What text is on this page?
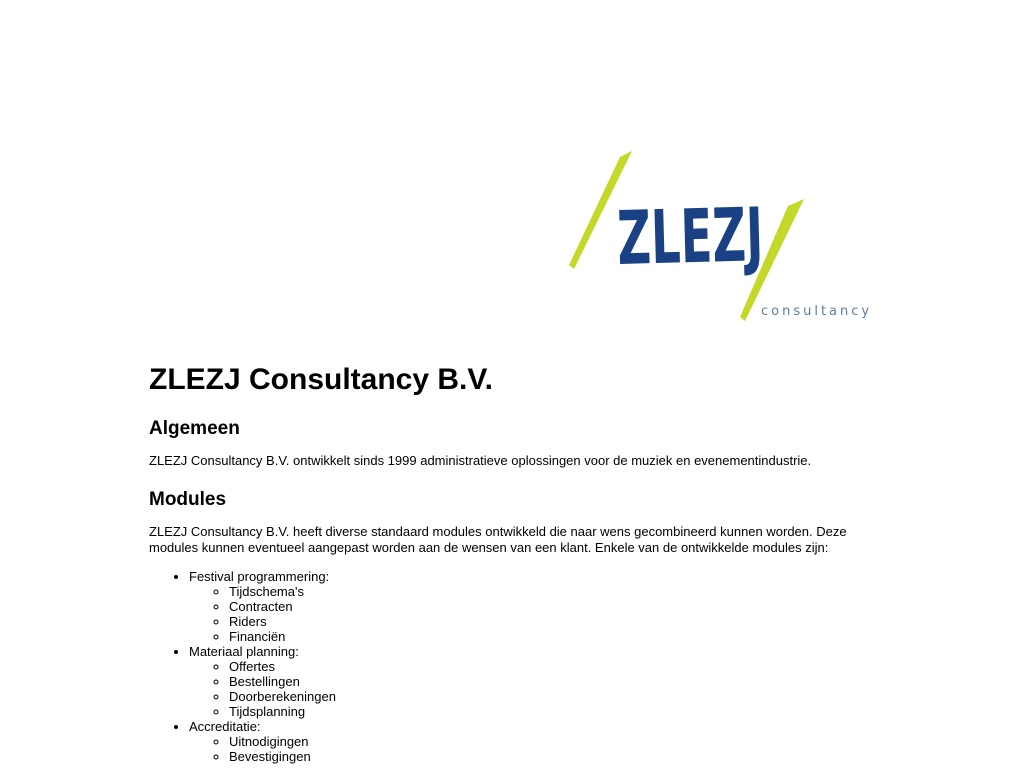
ZLEZJ
consultancy
ZLEZJ Consultancy B.V.
Algemeen

ZLEZJ Consultancy B.V. ontwikkelt sinds 1999 administratieve oplossingen voor de muziek en evenementindustrie.

Modules

ZLEZJ Consultancy B.V. heeft diverse standaard modules ontwikkeld die naar wens gecombineerd kunnen worden. Deze modules kunnen eventueel aangepast worden aan de wensen van een klant. Enkele van de ontwikkelde modules zijn:

• Festival programmering:
◦ Tijdschema's
◦ Contracten
◦ Riders
◦ Financiën
• Materiaal planning:
◦ Offertes
◦ Bestellingen
◦ Doorberekeningen
◦ Tijdsplanning
• Accreditatie:
◦ Uitnodigingen
◦ Bevestigingen
